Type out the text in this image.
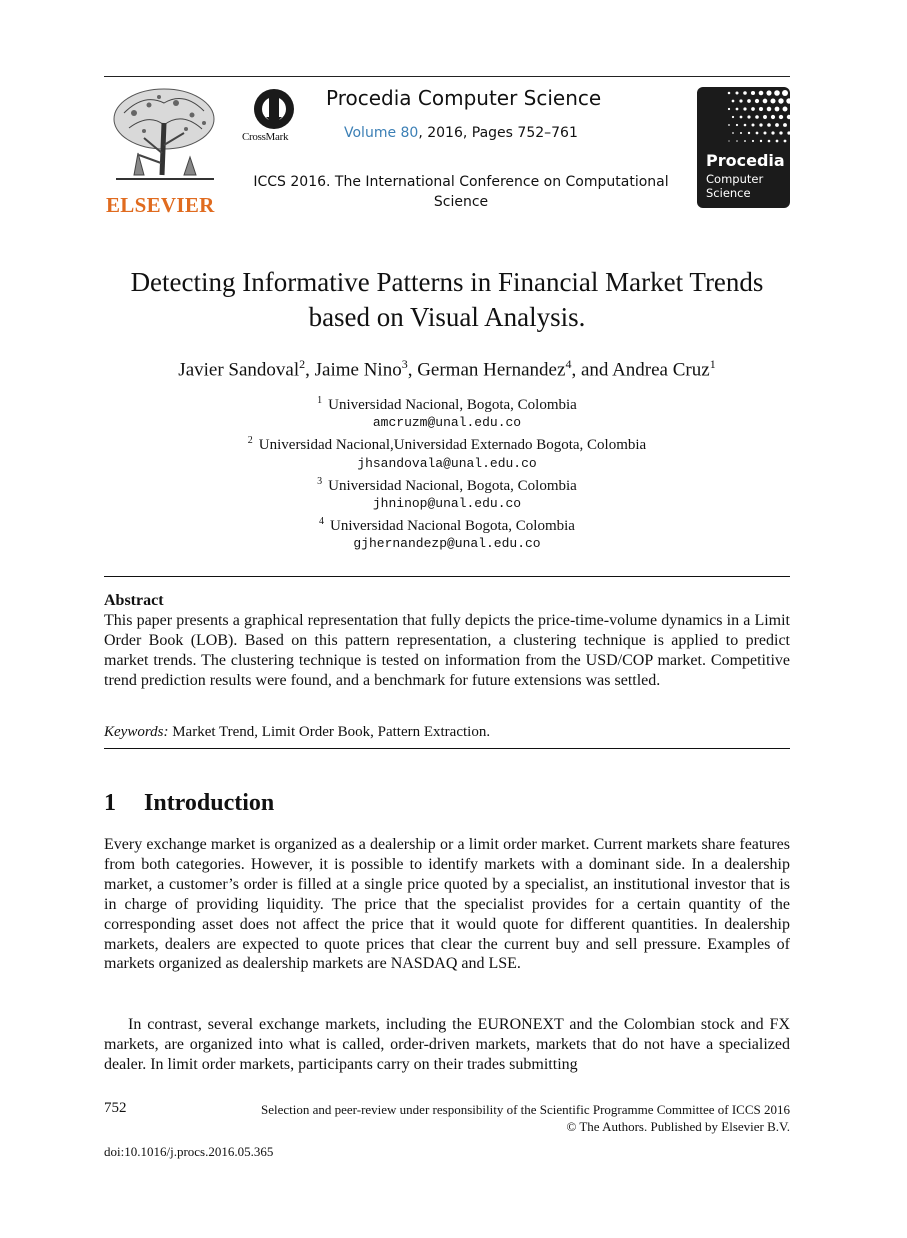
ELSEVIER
CrossMark
Procedia Computer Science
Volume 80, 2016, Pages 752–761
ICCS 2016. The International Conference on Computational
Science
Procedia
Computer
Science
Detecting Informative Patterns in Financial Market Trends
based on Visual Analysis.
Javier Sandoval$^2$, Jaime Nino$^3$, German Hernandez$^4$, and Andrea Cruz$^1$
$^1$ Universidad Nacional, Bogota, Colombia
amcruzm@unal.edu.co
$^2$ Universidad Nacional,Universidad Externado Bogota, Colombia
jhsandovala@unal.edu.co
$^3$ Universidad Nacional, Bogota, Colombia
jhninop@unal.edu.co
$^4$ Universidad Nacional Bogota, Colombia
gjhernandezp@unal.edu.co
Abstract

This paper presents a graphical representation that fully depicts the price-time-volume dynamics in a Limit Order Book (LOB). Based on this pattern representation, a clustering technique is applied to predict market trends. The clustering technique is tested on information from the USD/COP market. Competitive trend prediction results were found, and a benchmark for future extensions was settled.

Keywords: Market Trend, Limit Order Book, Pattern Extraction.
1 Introduction

Every exchange market is organized as a dealership or a limit order market. Current markets share features from both categories. However, it is possible to identify markets with a dominant side. In a dealership market, a customer’s order is filled at a single price quoted by a specialist, an institutional investor that is in charge of providing liquidity. The price that the specialist provides for a certain quantity of the corresponding asset does not affect the price that it would quote for different quantities. In dealership markets, dealers are expected to quote prices that clear the current buy and sell pressure. Examples of markets organized as dealership markets are NASDAQ and LSE.

In contrast, several exchange markets, including the EURONEXT and the Colombian stock and FX markets, are organized into what is called, order-driven markets, markets that do not have a specialized dealer. In limit order markets, participants carry on their trades submitting

752	Selection and peer-review under responsibility of the Scientific Programme Committee of ICCS 2016
© The Authors. Published by Elsevier B.V.
doi:10.1016/j.procs.2016.05.365
